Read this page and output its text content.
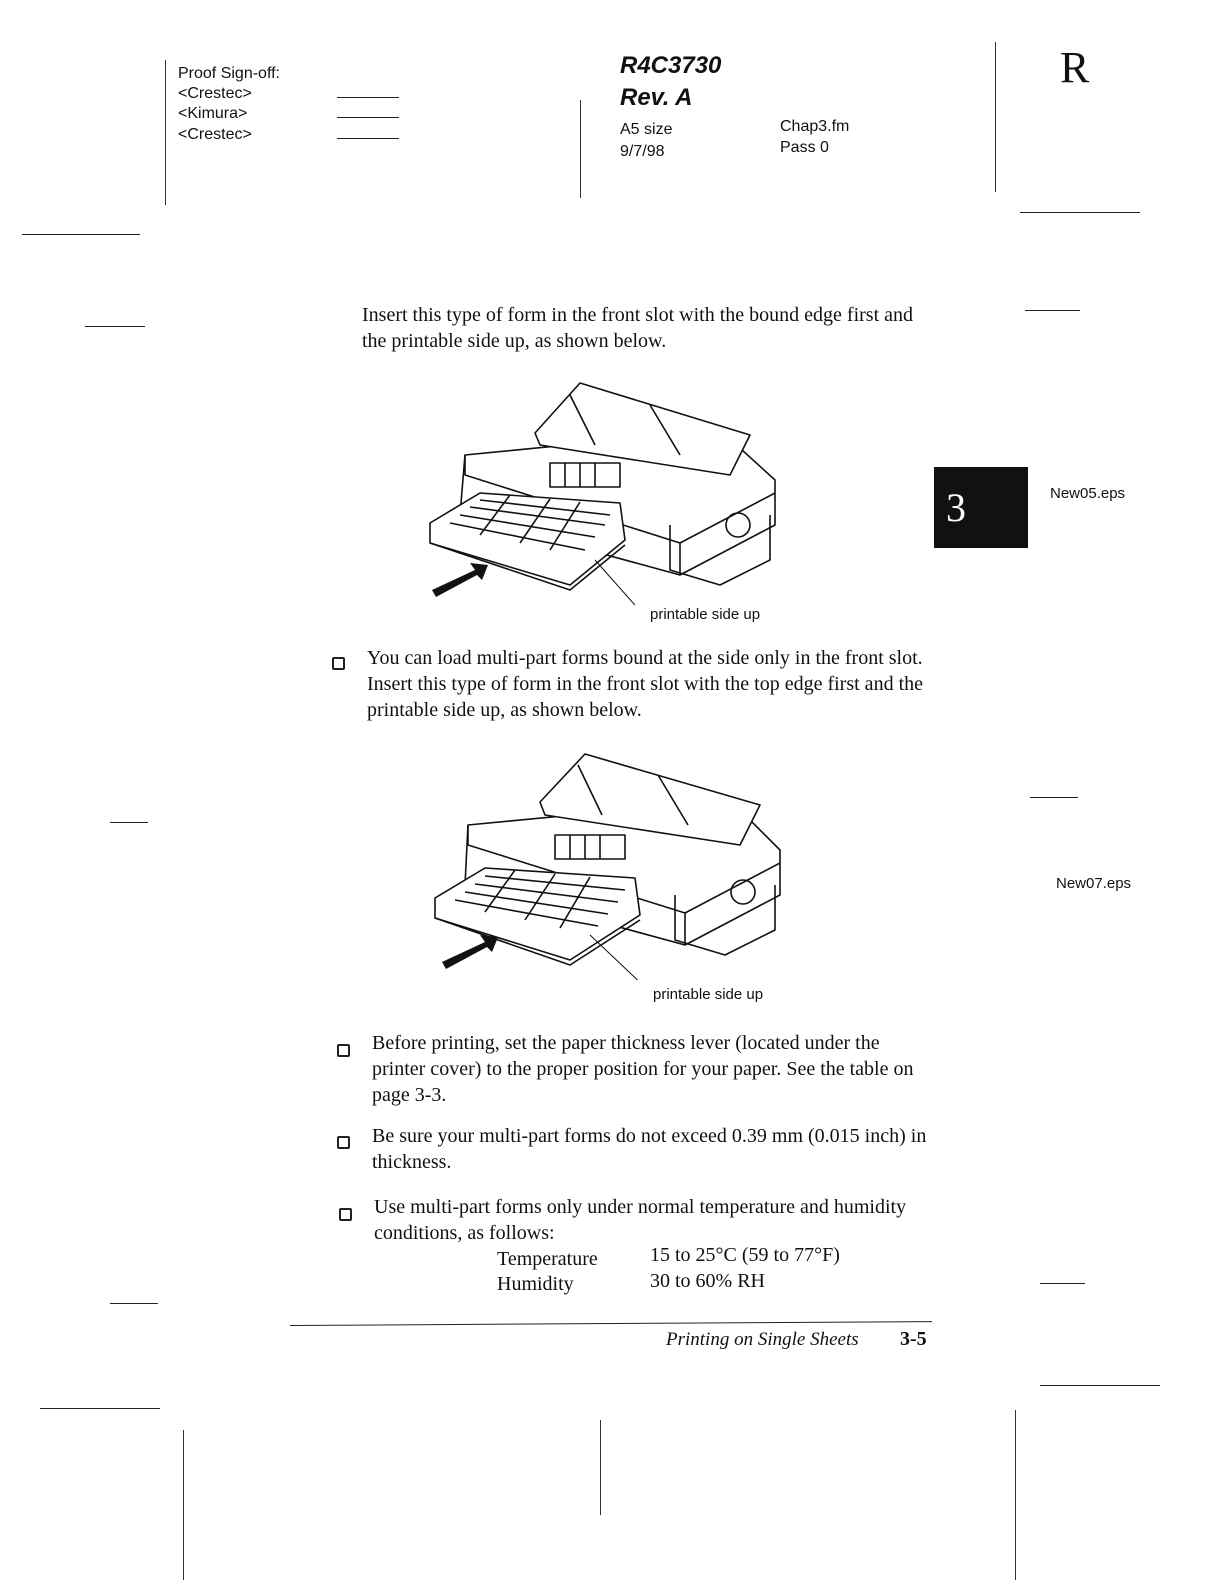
Proof Sign-off:
<Crestec>
<Kimura>
<Crestec>
R4C3730
Rev. A
A5 size
9/7/98
Chap3.fm
Pass 0
R
3
Insert this type of form in the front slot with the bound edge first and the printable side up, as shown below.
printable side up
New05.eps
You can load multi-part forms bound at the side only in the front slot. Insert this type of form in the front slot with the top edge first and the printable side up, as shown below.
printable side up
New07.eps
Before printing, set the paper thickness lever (located under the printer cover) to the proper position for your paper. See the table on page 3-3.
Be sure your multi-part forms do not exceed 0.39 mm (0.015 inch) in thickness.
Use multi-part forms only under normal temperature and humidity conditions, as follows:
Temperature	15 to 25°C (59 to 77°F)
Humidity	30 to 60% RH
Printing on Single Sheets 3-5
